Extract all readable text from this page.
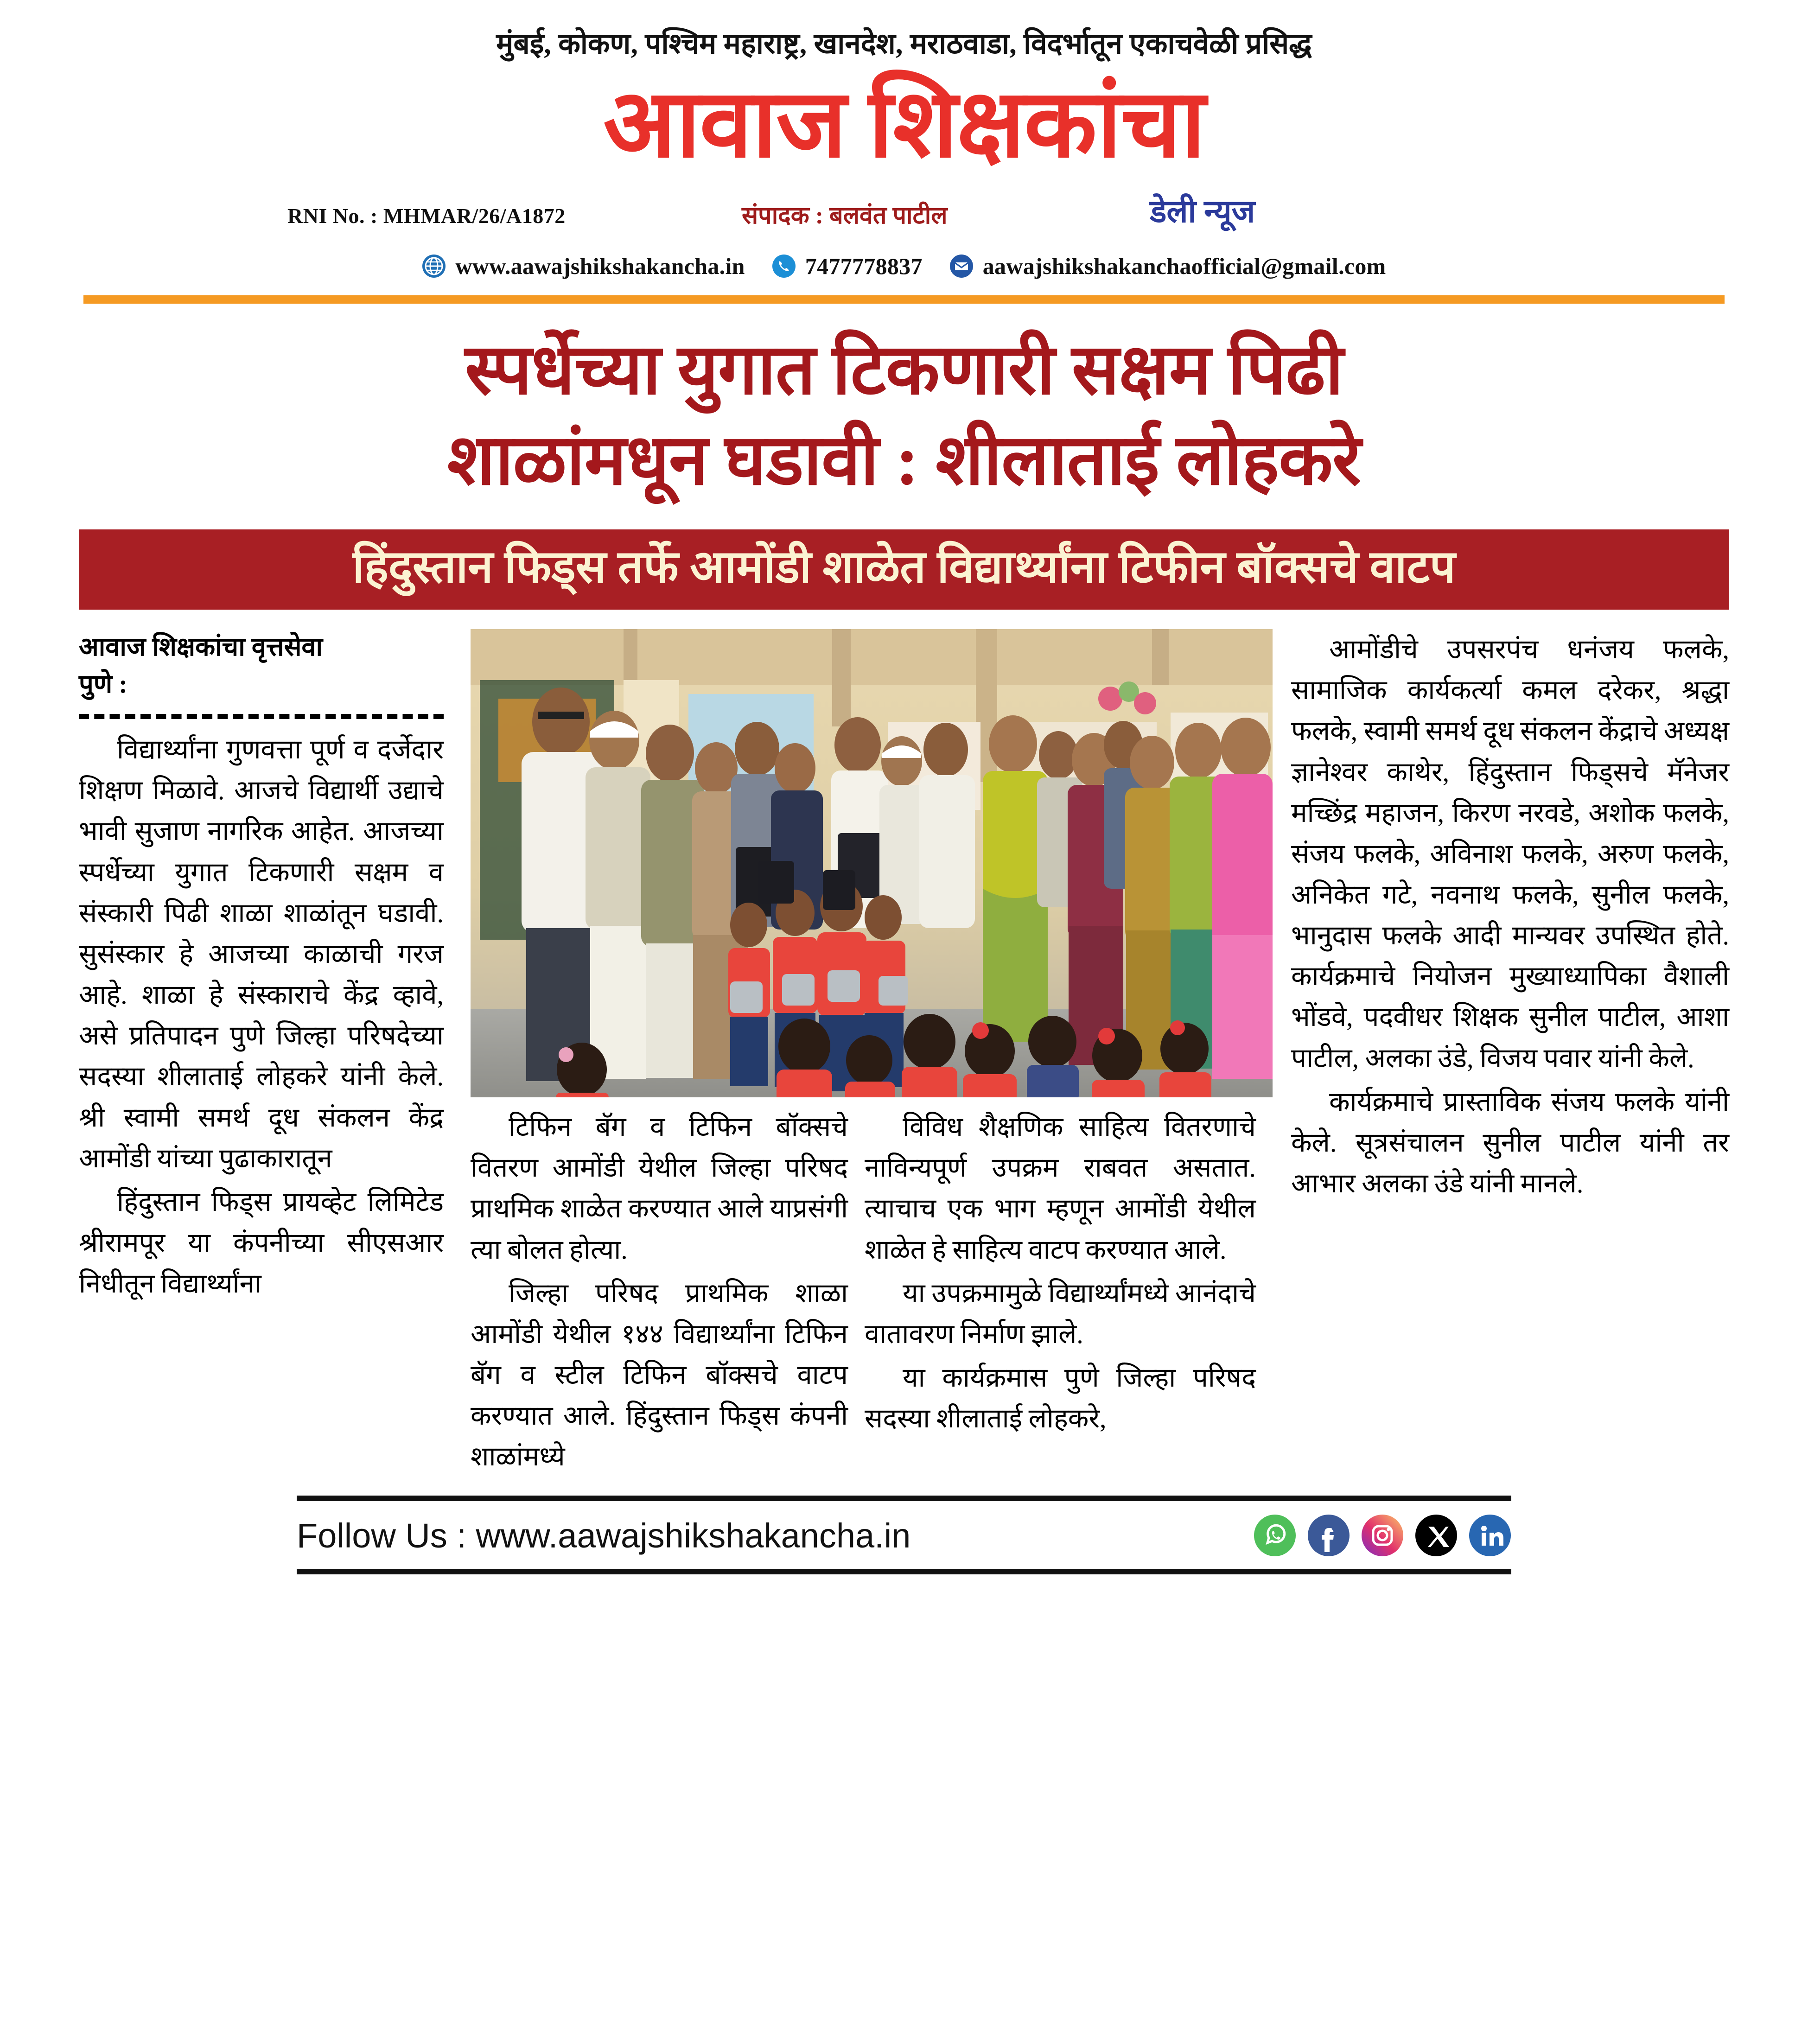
मुंबई, कोकण, पश्चिम महाराष्ट्र, खानदेश, मराठवाडा, विदर्भातून एकाचवेळी प्रसिद्ध
आवाज शिक्षकांचा
RNI No. : MHMAR/26/A1872	संपादक : बलवंत पाटील	डेली न्यूज
www.aawajshikshakancha.in	7477778837	aawajshikshakanchaofficial@gmail.com
स्पर्धेच्या युगात टिकणारी सक्षम पिढी
शाळांमधून घडावी : शीलाताई लोहकरे
हिंदुस्तान फिड्स तर्फे आमोंडी शाळेत विद्यार्थ्यांना टिफीन बॉक्सचे वाटप
आवाज शिक्षकांचा वृत्तसेवा
पुणे :

विद्यार्थ्यांना गुणवत्ता पूर्ण व दर्जेदार शिक्षण मिळावे. आजचे विद्यार्थी उद्याचे भावी सुजाण नागरिक आहेत. आजच्या स्पर्धेच्या युगात टिकणारी सक्षम व संस्कारी पिढी शाळा शाळांतून घडावी. सुसंस्कार हे आजच्या काळाची गरज आहे. शाळा हे संस्काराचे केंद्र व्हावे, असे प्रतिपादन पुणे जिल्हा परिषदेच्या सदस्या शीलाताई लोहकरे यांनी केले. श्री स्वामी समर्थ दूध संकलन केंद्र आमोंडी यांच्या पुढाकारातून

हिंदुस्तान फिड्स प्रायव्हेट लिमिटेड श्रीरामपूर या कंपनीच्या सीएसआर निधीतून विद्यार्थ्यांना

टिफिन बॅग व टिफिन बॉक्सचे वितरण आमोंडी येथील जिल्हा परिषद प्राथमिक शाळेत करण्यात आले याप्रसंगी त्या बोलत होत्या.

जिल्हा परिषद प्राथमिक शाळा आमोंडी येथील १४४ विद्यार्थ्यांना टिफिन बॅग व स्टील टिफिन बॉक्सचे वाटप करण्यात आले. हिंदुस्तान फिड्स कंपनी शाळांमध्ये

विविध शैक्षणिक साहित्य वितरणाचे नाविन्यपूर्ण उपक्रम राबवत असतात. त्याचाच एक भाग म्हणून आमोंडी येथील शाळेत हे साहित्य वाटप करण्यात आले.

या उपक्रमामुळे विद्यार्थ्यांमध्ये आनंदाचे वातावरण निर्माण झाले.

या कार्यक्रमास पुणे जिल्हा परिषद सदस्या शीलाताई लोहकरे,

आमोंडीचे उपसरपंच धनंजय फलके, सामाजिक कार्यकर्त्या कमल दरेकर, श्रद्धा फलके, स्वामी समर्थ दूध संकलन केंद्राचे अध्यक्ष ज्ञानेश्वर काथेर, हिंदुस्तान फिड्सचे मॅनेजर मच्छिंद्र महाजन, किरण नरवडे, अशोक फलके, संजय फलके, अविनाश फलके, अरुण फलके, अनिकेत गटे, नवनाथ फलके, सुनील फलके, भानुदास फलके आदी मान्यवर उपस्थित होते. कार्यक्रमाचे नियोजन मुख्याध्यापिका वैशाली भोंडवे, पदवीधर शिक्षक सुनील पाटील, आशा पाटील, अलका उंडे, विजय पवार यांनी केले.

कार्यक्रमाचे प्रास्ताविक संजय फलके यांनी केले. सूत्रसंचालन सुनील पाटील यांनी तर आभार अलका उंडे यांनी मानले.

Follow Us : www.aawajshikshakancha.in
